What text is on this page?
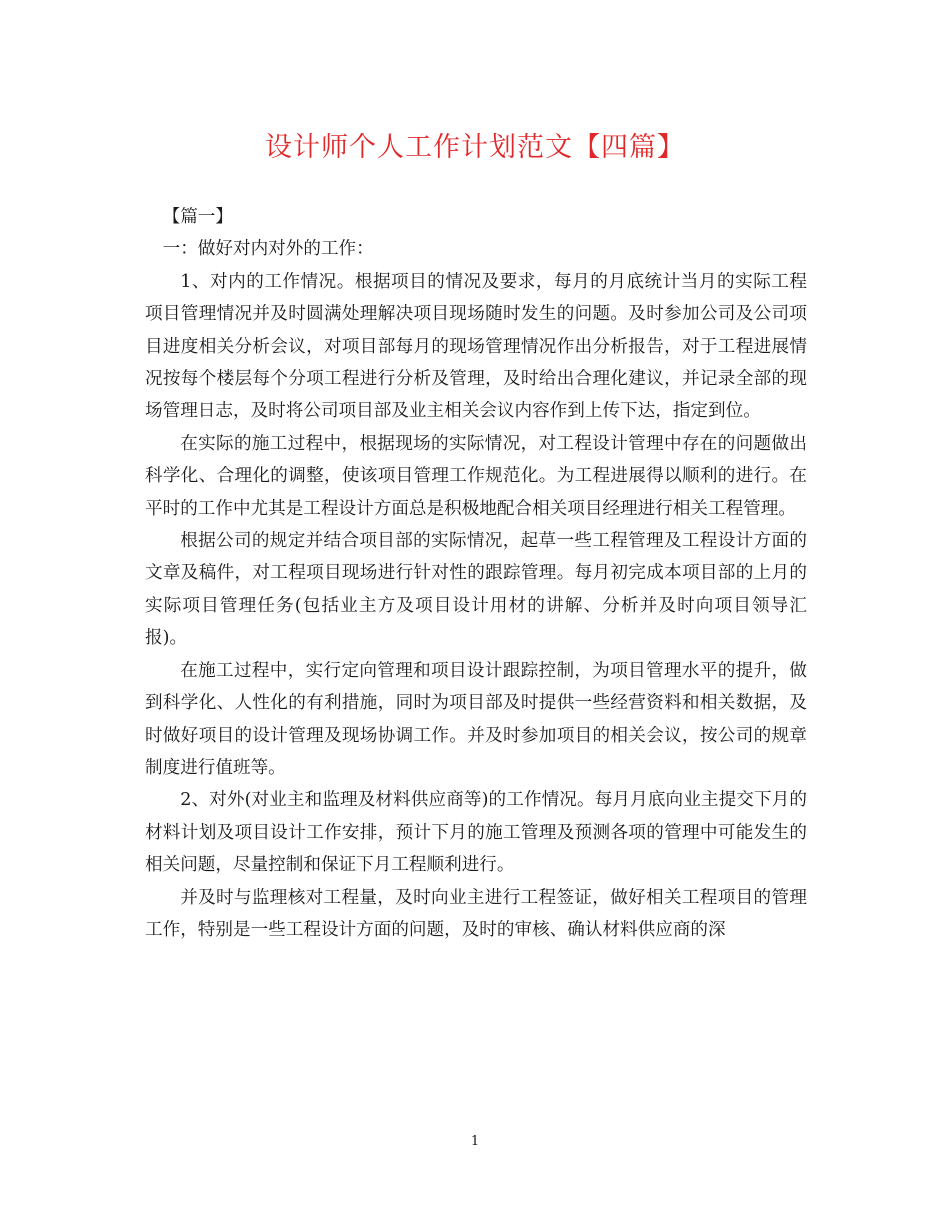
设计师个人工作计划范文【四篇】

【篇一】

一：做好对内对外的工作：

1、对内的工作情况。根据项目的情况及要求，每月的月底统计当月的实际工程项目管理情况并及时圆满处理解决项目现场随时发生的问题。及时参加公司及公司项目进度相关分析会议，对项目部每月的现场管理情况作出分析报告，对于工程进展情况按每个楼层每个分项工程进行分析及管理，及时给出合理化建议，并记录全部的现场管理日志，及时将公司项目部及业主相关会议内容作到上传下达，指定到位。

在实际的施工过程中，根据现场的实际情况，对工程设计管理中存在的问题做出科学化、合理化的调整，使该项目管理工作规范化。为工程进展得以顺利的进行。在平时的工作中尤其是工程设计方面总是积极地配合相关项目经理进行相关工程管理。

根据公司的规定并结合项目部的实际情况，起草一些工程管理及工程设计方面的文章及稿件，对工程项目现场进行针对性的跟踪管理。每月初完成本项目部的上月的实际项目管理任务(包括业主方及项目设计用材的讲解、分析并及时向项目领导汇报)。

在施工过程中，实行定向管理和项目设计跟踪控制，为项目管理水平的提升，做到科学化、人性化的有利措施，同时为项目部及时提供一些经营资料和相关数据，及时做好项目的设计管理及现场协调工作。并及时参加项目的相关会议，按公司的规章制度进行值班等。

2、对外(对业主和监理及材料供应商等)的工作情况。每月月底向业主提交下月的材料计划及项目设计工作安排，预计下月的施工管理及预测各项的管理中可能发生的相关问题，尽量控制和保证下月工程顺利进行。

并及时与监理核对工程量，及时向业主进行工程签证，做好相关工程项目的管理工作，特别是一些工程设计方面的问题，及时的审核、确认材料供应商的深

1
